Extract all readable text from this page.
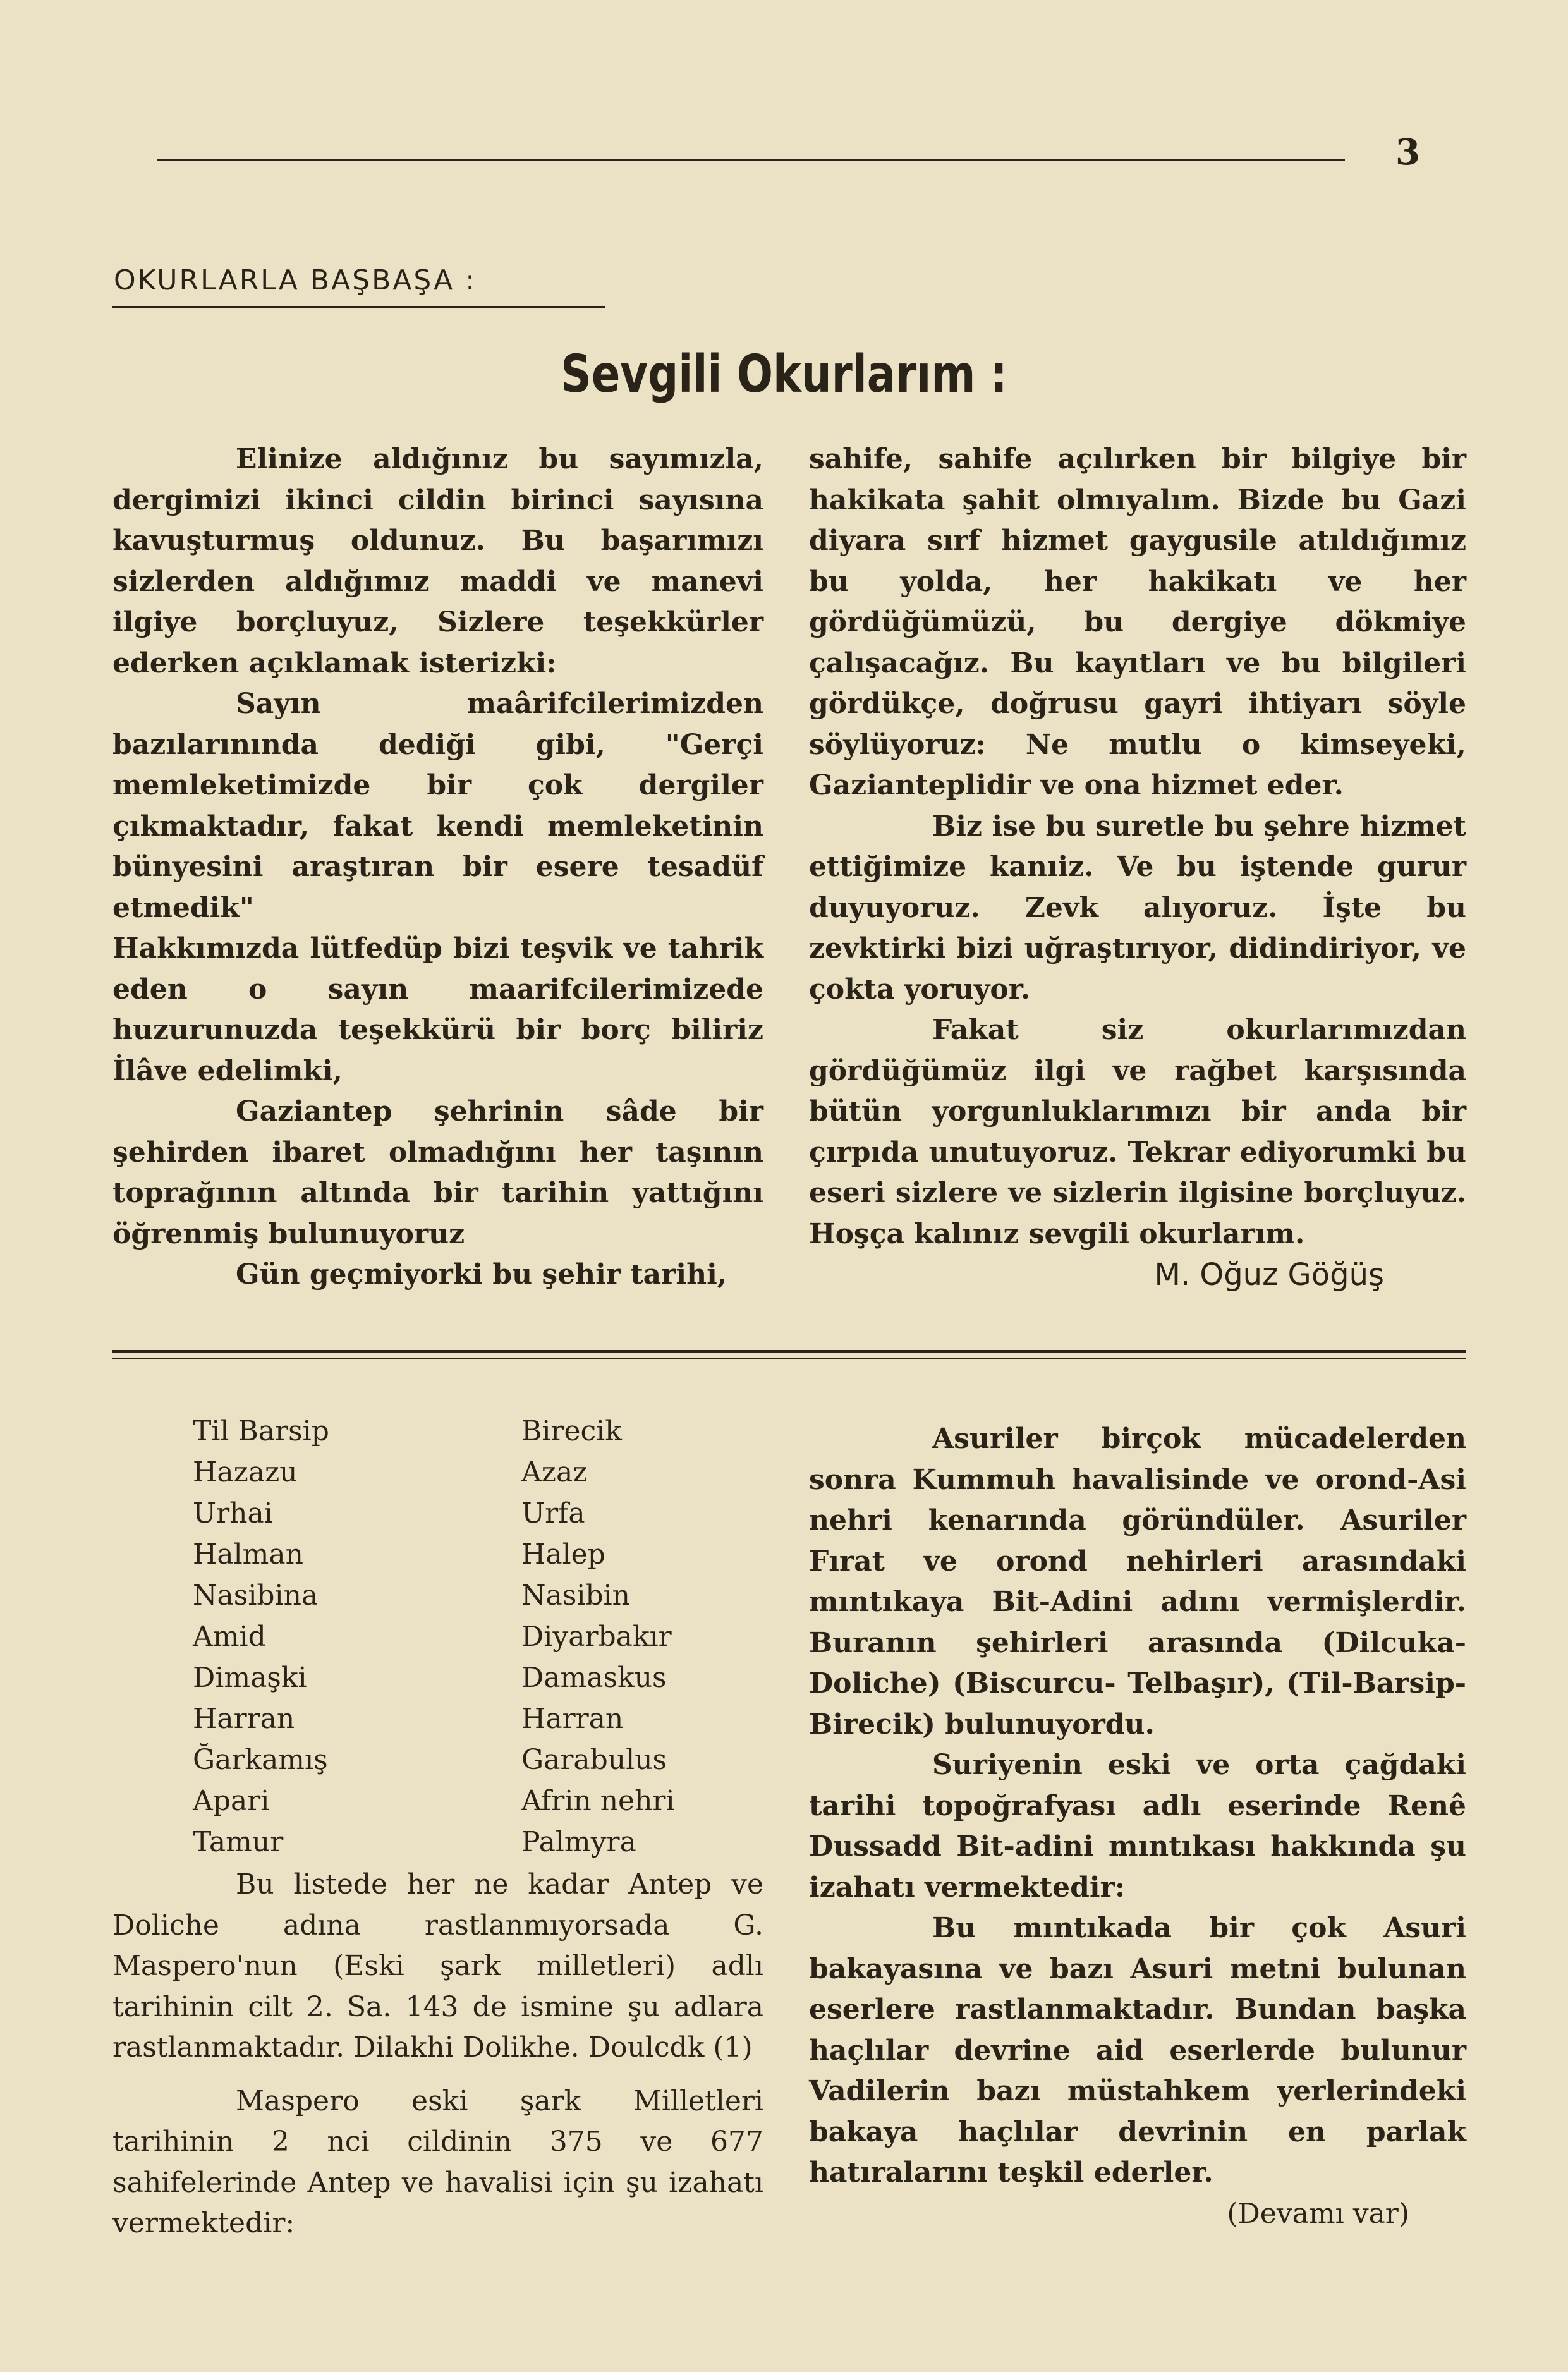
3
OKURLARLA BAŞBAŞA :
Sevgili Okurlarım :

Elinize aldığınız bu sayımızla, dergimizi ikinci cildin birinci sayısına kavuşturmuş oldunuz. Bu başarımızı sizlerden aldığımız maddi ve manevi ilgiye borçluyuz, Sizlere teşekkürler ederken açıklamak isterizki:

Sayın maârifcilerimizden bazılarınında dediği gibi, "Gerçi memleketimizde bir çok dergiler çıkmaktadır, fakat kendi memleketinin bünyesini araştıran bir esere tesadüf etmedik"

Hakkımızda lütfedüp bizi teşvik ve tahrik eden o sayın maarifcilerimizede huzurunuzda teşekkürü bir borç biliriz İlâve edelimki,

Gaziantep şehrinin sâde bir şehirden ibaret olmadığını her taşının toprağının altında bir tarihin yattığını öğrenmiş bulunuyoruz

Gün geçmiyorki bu şehir tarihi,

sahife, sahife açılırken bir bilgiye bir hakikata şahit olmıyalım. Bizde bu Gazi diyara sırf hizmet gaygusile atıldığımız bu yolda, her hakikatı ve her gördüğümüzü, bu dergiye dökmiye çalışacağız. Bu kayıtları ve bu bilgileri gördükçe, doğrusu gayri ihtiyarı söyle söylüyoruz: Ne mutlu o kimseyeki, Gazianteplidir ve ona hizmet eder.

Biz ise bu suretle bu şehre hizmet ettiğimize kanıiz. Ve bu iştende gurur duyuyoruz. Zevk alıyoruz. İşte bu zevktirki bizi uğraştırıyor, didindiriyor, ve çokta yoruyor.

Fakat siz okurlarımızdan gördüğümüz ilgi ve rağbet karşısında bütün yorgunluklarımızı bir anda bir çırpıda unutuyoruz. Tekrar ediyorumki bu eseri sizlere ve sizlerin ilgisine borçluyuz. Hoşça kalınız sevgili okurlarım.

M. Oğuz Göğüş
Til Barsip	Birecik
Hazazu	Azaz
Urhai	Urfa
Halman	Halep
Nasibina	Nasibin
Amid	Diyarbakır
Dimaşki	Damaskus
Harran	Harran
Ğarkamış	Garabulus
Apari	Afrin nehri
Tamur	Palmyra

Bu listede her ne kadar Antep ve Doliche adına rastlanmıyorsada G. Maspero'nun (Eski şark milletleri) adlı tarihinin cilt 2. Sa. 143 de ismine şu adlara rastlanmaktadır. Dilakhi Dolikhe. Doulcdk (1)

Maspero eski şark Milletleri tarihinin 2 nci cildinin 375 ve 677 sahifelerinde Antep ve havalisi için şu izahatı vermektedir:

Asuriler birçok mücadelerden sonra Kummuh havalisinde ve orond-Asi nehri kenarında göründüler. Asuriler Fırat ve orond nehirleri arasındaki mıntıkaya Bit-Adini adını vermişlerdir. Buranın şehirleri arasında (Dilcuka-Doliche) (Biscurcu- Telbaşır), (Til-Barsip-Birecik) bulunuyordu.

Suriyenin eski ve orta çağdaki tarihi topoğrafyası adlı eserinde Renê Dussadd Bit-adini mıntıkası hakkında şu izahatı vermektedir:

Bu mıntıkada bir çok Asuri bakayasına ve bazı Asuri metni bulunan eserlere rastlanmaktadır. Bundan başka haçlılar devrine aid eserlerde bulunur Vadilerin bazı müstahkem yerlerindeki bakaya haçlılar devrinin en parlak hatıralarını teşkil ederler.

(Devamı var)
